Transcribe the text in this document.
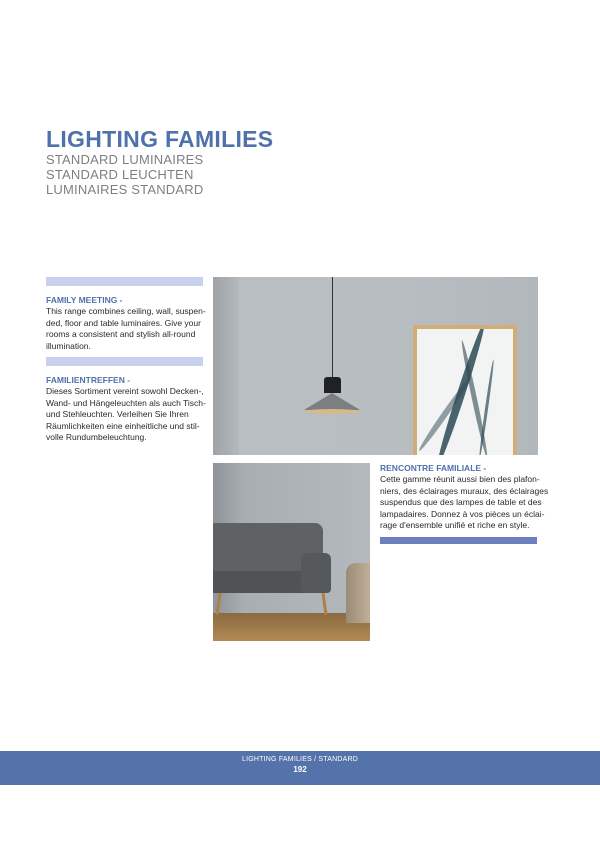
LIGHTING FAMILIES
STANDARD LUMINAIRES
STANDARD LEUCHTEN
LUMINAIRES STANDARD
FAMILY MEETING -
This range combines ceiling, wall, suspen-
ded, floor and table luminaires. Give your
rooms a consistent and stylish all-round
illumination.
FAMILIENTREFFEN -
Dieses Sortiment vereint sowohl Decken-,
Wand- und Hängeleuchten als auch Tisch-
und Stehleuchten. Verleihen Sie Ihren
Räumlichkeiten eine einheitliche und stil-
volle Rundumbeleuchtung.
RENCONTRE FAMILIALE -
Cette gamme réunit aussi bien des plafon-
niers, des éclairages muraux, des éclairages
suspendus que des lampes de table et des
lampadaires. Donnez à vos pièces un éclai-
rage d'ensemble unifié et riche en style.
LIGHTING FAMILIES / STANDARD
192
